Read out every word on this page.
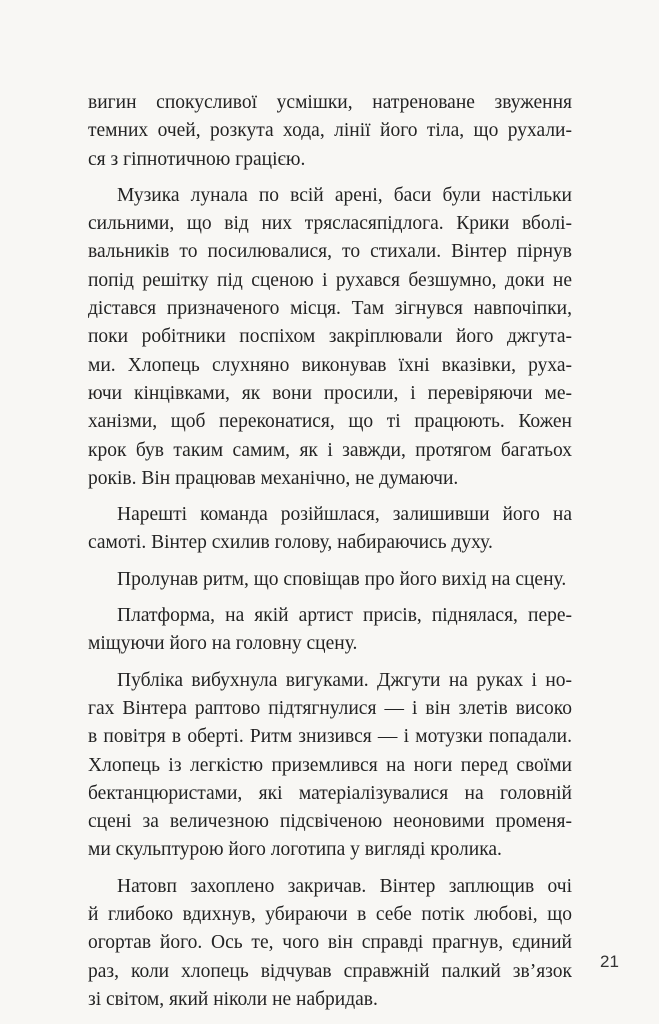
вигин спокусливої усмішки, натреноване звуження
темних очей, розкута хода, лінії його тіла, що рухали-
ся з гіпнотичною грацією.
Музика лунала по всій арені, баси були настільки
сильними, що від них трясласяпідлога. Крики вболі-
вальників то посилювалися, то стихали. Вінтер пірнув
попід решітку під сценою і рухався безшумно, доки не
дістався призначеного місця. Там зігнувся навпочіпки,
поки робітники поспіхом закріплювали його джгута-
ми. Хлопець слухняно виконував їхні вказівки, руха-
ючи кінцівками, як вони просили, і перевіряючи ме-
ханізми, щоб переконатися, що ті працюють. Кожен
крок був таким самим, як і завжди, протягом багатьох
років. Він працював механічно, не думаючи.
Нарешті команда розійшлася, залишивши його на
самоті. Вінтер схилив голову, набираючись духу.
Пролунав ритм, що сповіщав про його вихід на сцену.
Платформа, на якій артист присів, піднялася, пере-
міщуючи його на головну сцену.
Публіка вибухнула вигуками. Джгути на руках і но-
гах Вінтера раптово підтягнулися — і він злетів високо
в повітря в оберті. Ритм знизився — і мотузки попадали.
Хлопець із легкістю приземлився на ноги перед своїми
бектанцюристами, які матеріалізувалися на головній
сцені за величезною підсвіченою неоновими променя-
ми скульптурою його логотипа у вигляді кролика.
Натовп захоплено закричав. Вінтер заплющив очі
й глибоко вдихнув, убираючи в себе потік любові, що
огортав його. Ось те, чого він справді прагнув, єдиний
раз, коли хлопець відчував справжній палкий зв’язок
зі світом, який ніколи не набридав.
21
